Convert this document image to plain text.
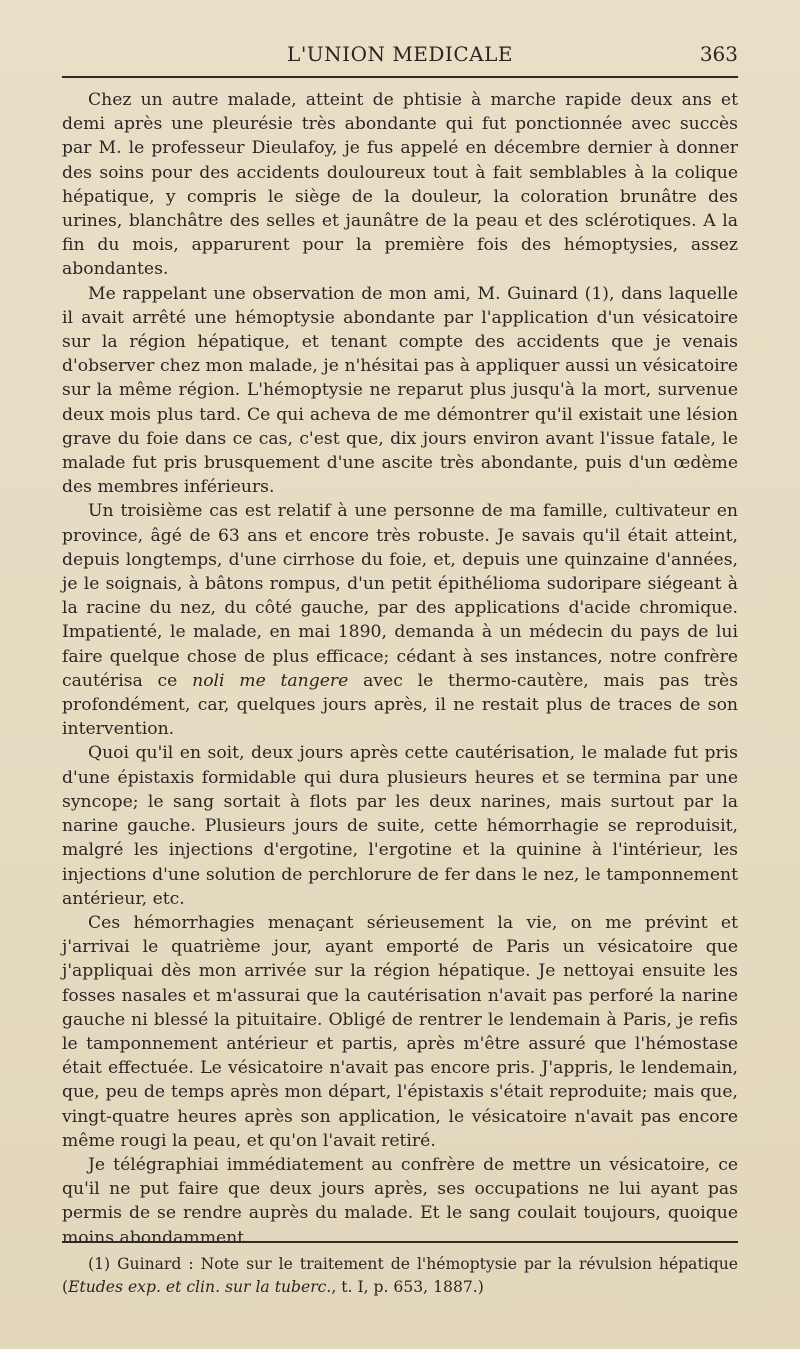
L'UNION MEDICALE	363

Chez un autre malade, atteint de phtisie à marche rapide deux ans et demi après une pleurésie très abondante qui fut ponctionnée avec succès par M. le professeur Dieulafoy, je fus appelé en décembre dernier à donner des soins pour des accidents douloureux tout à fait semblables à la colique hépatique, y compris le siège de la douleur, la coloration brunâtre des urines, blanchâtre des selles et jaunâtre de la peau et des sclérotiques. A la fin du mois, apparurent pour la première fois des hémoptysies, assez abondantes.

Me rappelant une observation de mon ami, M. Guinard (1), dans laquelle il avait arrêté une hémoptysie abondante par l'application d'un vésicatoire sur la région hépatique, et tenant compte des accidents que je venais d'observer chez mon malade, je n'hésitai pas à appliquer aussi un vésicatoire sur la même région. L'hémoptysie ne reparut plus jusqu'à la mort, survenue deux mois plus tard. Ce qui acheva de me démontrer qu'il existait une lésion grave du foie dans ce cas, c'est que, dix jours environ avant l'issue fatale, le malade fut pris brusquement d'une ascite très abondante, puis d'un œdème des membres inférieurs.

Un troisième cas est relatif à une personne de ma famille, cultivateur en province, âgé de 63 ans et encore très robuste. Je savais qu'il était atteint, depuis longtemps, d'une cirrhose du foie, et, depuis une quinzaine d'années, je le soignais, à bâtons rompus, d'un petit épithélioma sudoripare siégeant à la racine du nez, du côté gauche, par des applications d'acide chromique. Impatienté, le malade, en mai 1890, demanda à un médecin du pays de lui faire quelque chose de plus efficace; cédant à ses instances, notre confrère cautérisa ce noli me tangere avec le thermo-cautère, mais pas très profondément, car, quelques jours après, il ne restait plus de traces de son intervention.

Quoi qu'il en soit, deux jours après cette cautérisation, le malade fut pris d'une épistaxis formidable qui dura plusieurs heures et se termina par une syncope; le sang sortait à flots par les deux narines, mais surtout par la narine gauche. Plusieurs jours de suite, cette hémorrhagie se reproduisit, malgré les injections d'ergotine, l'ergotine et la quinine à l'intérieur, les injections d'une solution de perchlorure de fer dans le nez, le tamponnement antérieur, etc.

Ces hémorrhagies menaçant sérieusement la vie, on me prévint et j'arrivai le quatrième jour, ayant emporté de Paris un vésicatoire que j'appliquai dès mon arrivée sur la région hépatique. Je nettoyai ensuite les fosses nasales et m'assurai que la cautérisation n'avait pas perforé la narine gauche ni blessé la pituitaire. Obligé de rentrer le lendemain à Paris, je refis le tamponnement antérieur et partis, après m'être assuré que l'hémostase était effectuée. Le vésicatoire n'avait pas encore pris. J'appris, le lendemain, que, peu de temps après mon départ, l'épistaxis s'était reproduite; mais que, vingt-quatre heures après son application, le vésicatoire n'avait pas encore même rougi la peau, et qu'on l'avait retiré.

Je télégraphiai immédiatement au confrère de mettre un vésicatoire, ce qu'il ne put faire que deux jours après, ses occupations ne lui ayant pas permis de se rendre auprès du malade. Et le sang coulait toujours, quoique moins abondamment.

(1) Guinard : Note sur le traitement de l'hémoptysie par la révulsion hépatique (Etudes exp. et clin. sur la tuberc., t. I, p. 653, 1887.)
